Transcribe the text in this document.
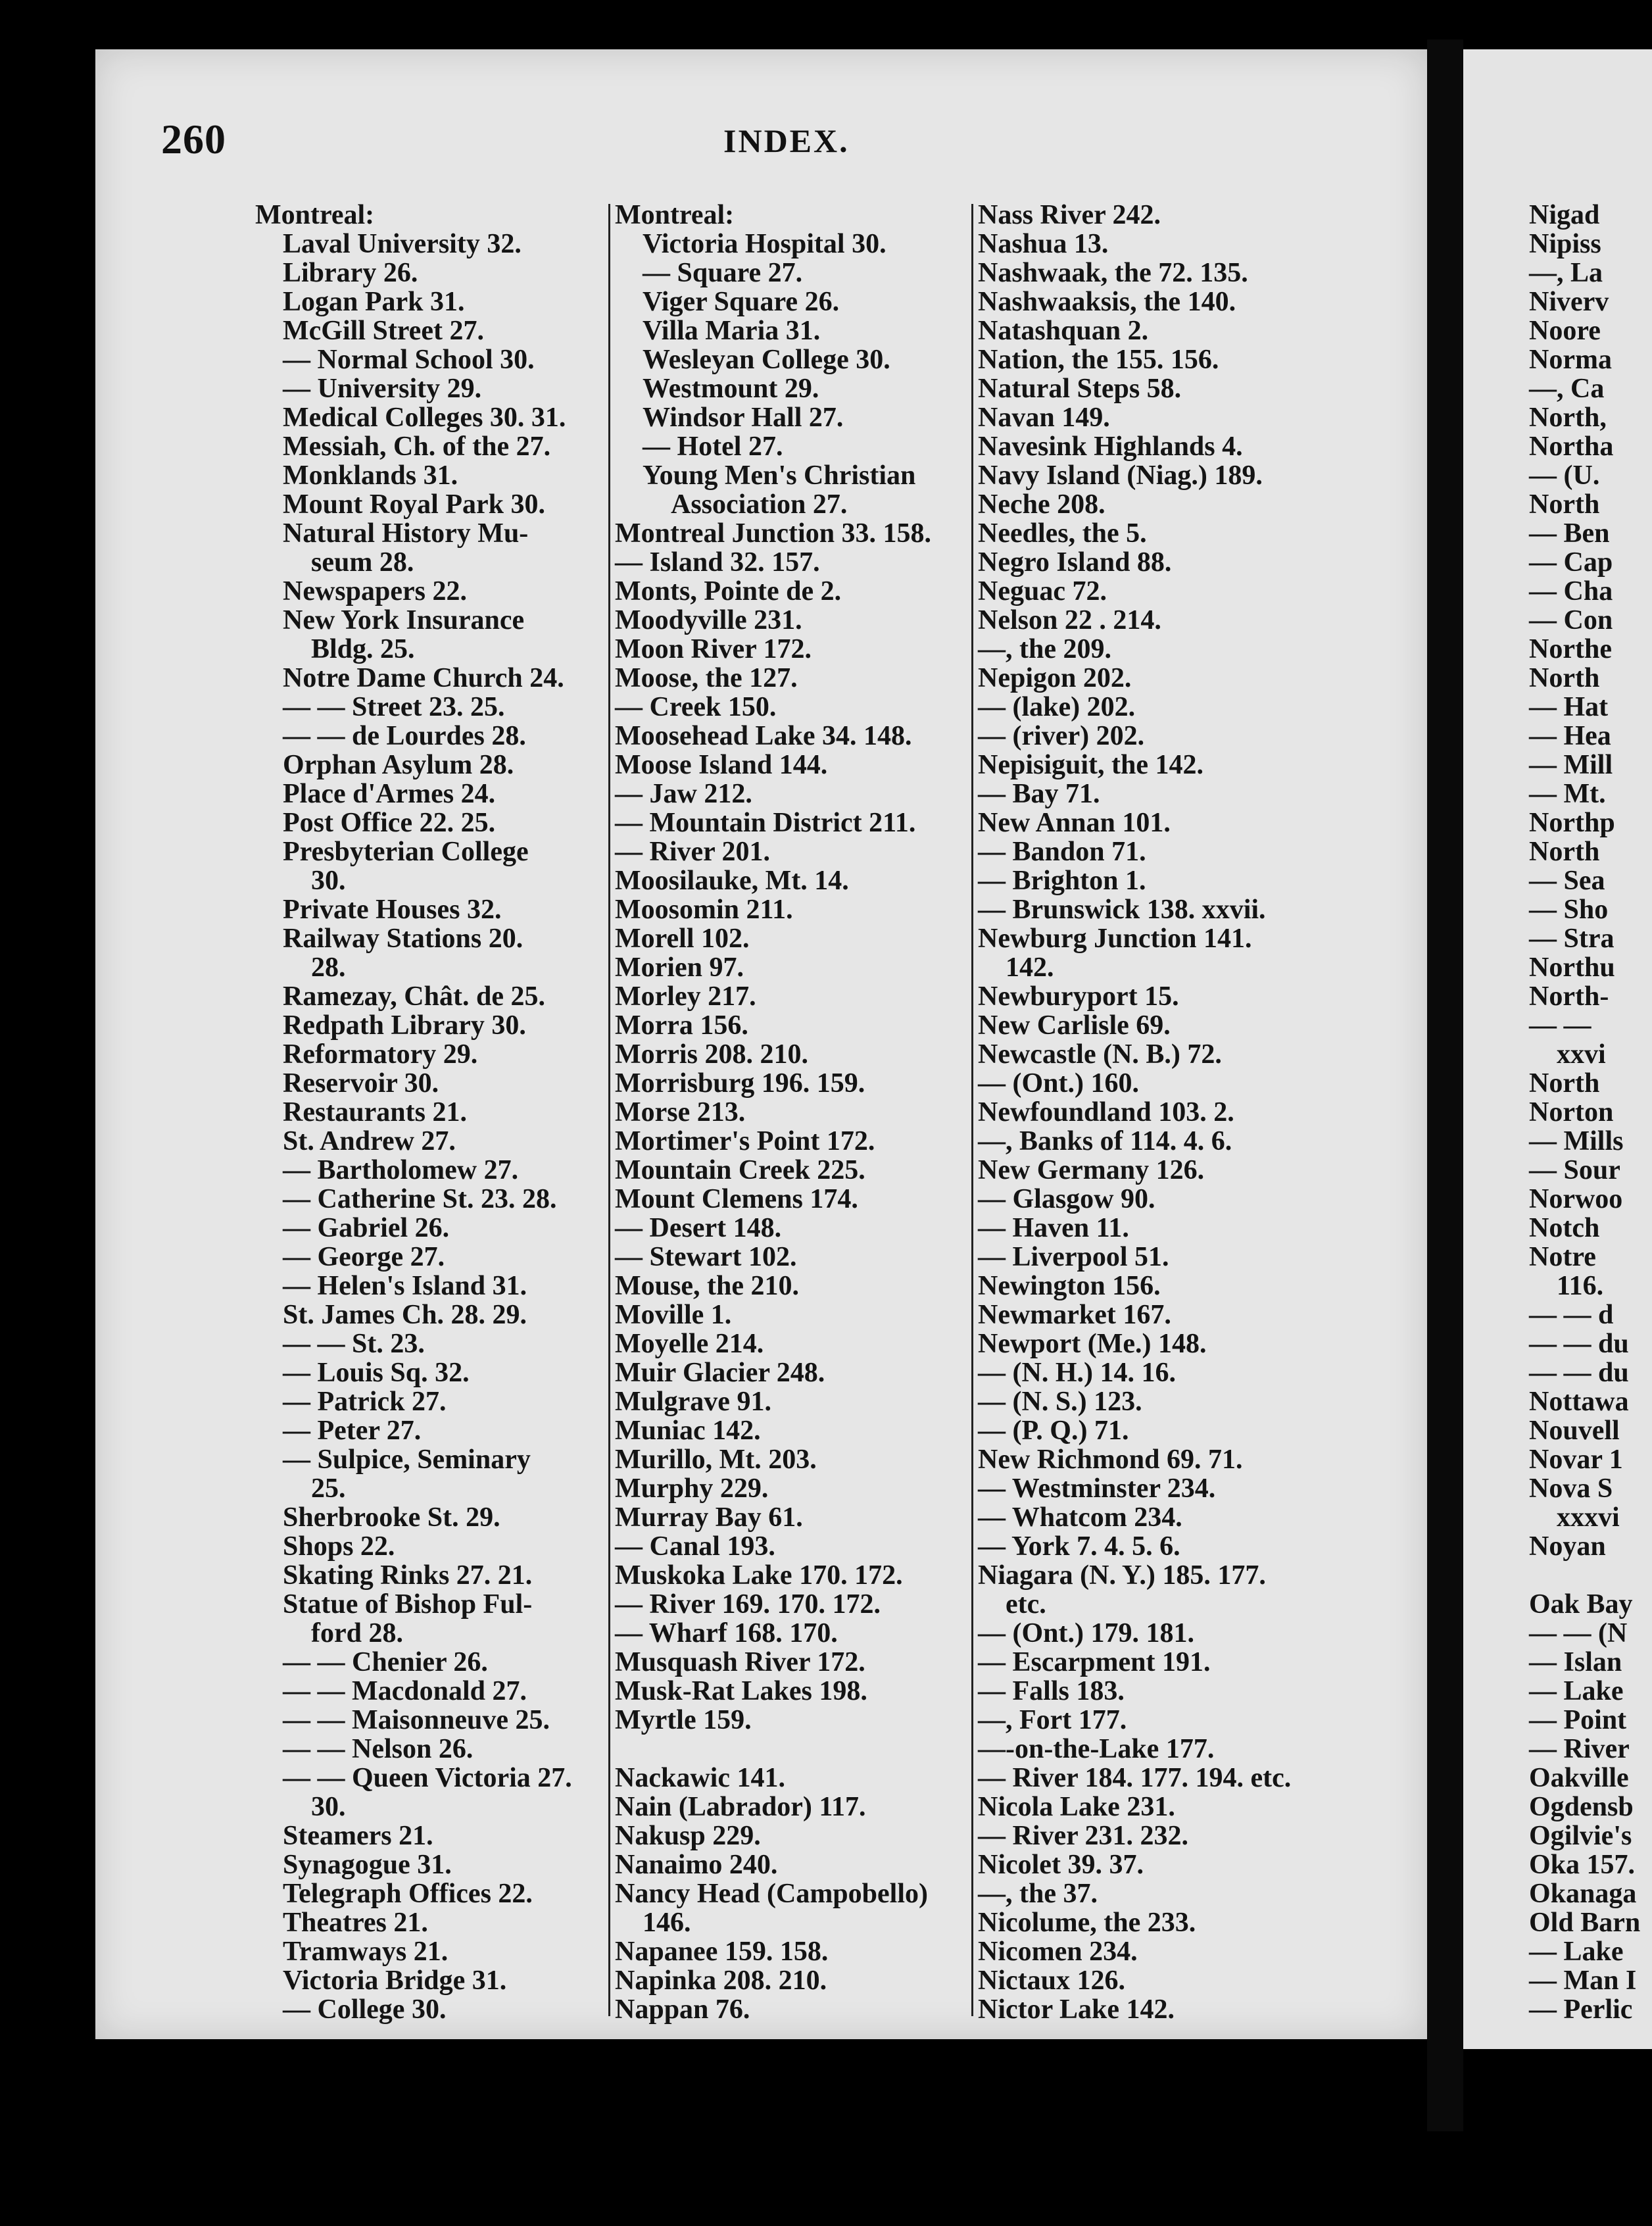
260	INDEX.
Montreal:
Laval University 32.
Library 26.
Logan Park 31.
McGill Street 27.
— Normal School 30.
— University 29.
Medical Colleges 30. 31.
Messiah, Ch. of the 27.
Monklands 31.
Mount Royal Park 30.
Natural History Mu-
seum 28.
Newspapers 22.
New York Insurance
Bldg. 25.
Notre Dame Church 24.
— — Street 23. 25.
— — de Lourdes 28.
Orphan Asylum 28.
Place d'Armes 24.
Post Office 22. 25.
Presbyterian College
30.
Private Houses 32.
Railway Stations 20.
28.
Ramezay, Chât. de 25.
Redpath Library 30.
Reformatory 29.
Reservoir 30.
Restaurants 21.
St. Andrew 27.
— Bartholomew 27.
— Catherine St. 23. 28.
— Gabriel 26.
— George 27.
— Helen's Island 31.
St. James Ch. 28. 29.
— — St. 23.
— Louis Sq. 32.
— Patrick 27.
— Peter 27.
— Sulpice, Seminary
25.
Sherbrooke St. 29.
Shops 22.
Skating Rinks 27. 21.
Statue of Bishop Ful-
ford 28.
— — Chenier 26.
— — Macdonald 27.
— — Maisonneuve 25.
— — Nelson 26.
— — Queen Victoria 27.
30.
Steamers 21.
Synagogue 31.
Telegraph Offices 22.
Theatres 21.
Tramways 21.
Victoria Bridge 31.
— College 30.
Montreal:
Victoria Hospital 30.
— Square 27.
Viger Square 26.
Villa Maria 31.
Wesleyan College 30.
Westmount 29.
Windsor Hall 27.
— Hotel 27.
Young Men's Christian
Association 27.
Montreal Junction 33. 158.
— Island 32. 157.
Monts, Pointe de 2.
Moodyville 231.
Moon River 172.
Moose, the 127.
— Creek 150.
Moosehead Lake 34. 148.
Moose Island 144.
— Jaw 212.
— Mountain District 211.
— River 201.
Moosilauke, Mt. 14.
Moosomin 211.
Morell 102.
Morien 97.
Morley 217.
Morra 156.
Morris 208. 210.
Morrisburg 196. 159.
Morse 213.
Mortimer's Point 172.
Mountain Creek 225.
Mount Clemens 174.
— Desert 148.
— Stewart 102.
Mouse, the 210.
Moville 1.
Moyelle 214.
Muir Glacier 248.
Mulgrave 91.
Muniac 142.
Murillo, Mt. 203.
Murphy 229.
Murray Bay 61.
— Canal 193.
Muskoka Lake 170. 172.
— River 169. 170. 172.
— Wharf 168. 170.
Musquash River 172.
Musk-Rat Lakes 198.
Myrtle 159.
Nackawic 141.
Nain (Labrador) 117.
Nakusp 229.
Nanaimo 240.
Nancy Head (Campobello)
146.
Napanee 159. 158.
Napinka 208. 210.
Nappan 76.
Nass River 242.
Nashua 13.
Nashwaak, the 72. 135.
Nashwaaksis, the 140.
Natashquan 2.
Nation, the 155. 156.
Natural Steps 58.
Navan 149.
Navesink Highlands 4.
Navy Island (Niag.) 189.
Neche 208.
Needles, the 5.
Negro Island 88.
Neguac 72.
Nelson 22 . 214.
—, the 209.
Nepigon 202.
— (lake) 202.
— (river) 202.
Nepisiguit, the 142.
— Bay 71.
New Annan 101.
— Bandon 71.
— Brighton 1.
— Brunswick 138. xxvii.
Newburg Junction 141.
142.
Newburyport 15.
New Carlisle 69.
Newcastle (N. B.) 72.
— (Ont.) 160.
Newfoundland 103. 2.
—, Banks of 114. 4. 6.
New Germany 126.
— Glasgow 90.
— Haven 11.
— Liverpool 51.
Newington 156.
Newmarket 167.
Newport (Me.) 148.
— (N. H.) 14. 16.
— (N. S.) 123.
— (P. Q.) 71.
New Richmond 69. 71.
— Westminster 234.
— Whatcom 234.
— York 7. 4. 5. 6.
Niagara (N. Y.) 185. 177.
etc.
— (Ont.) 179. 181.
— Escarpment 191.
— Falls 183.
—, Fort 177.
—-on-the-Lake 177.
— River 184. 177. 194. etc.
Nicola Lake 231.
— River 231. 232.
Nicolet 39. 37.
—, the 37.
Nicolume, the 233.
Nicomen 234.
Nictaux 126.
Nictor Lake 142.
Nigad
Nipiss
—, La
Niverv
Noore
Norma
—, Ca
North,
Northa
— (U.
North
— Ben
— Cap
— Cha
— Con
Northe
North
— Hat
— Hea
— Mill
— Mt.
Northp
North
— Sea
— Sho
— Stra
Northu
North-
— —
xxvi
North
Norton
— Mills
— Sour
Norwoo
Notch
Notre
116.
— — d
— — du
— — du
Nottawa
Nouvell
Novar 1
Nova S
xxxvi
Noyan
Oak Bay
— — (N
— Islan
— Lake
— Point
— River
Oakville
Ogdensb
Ogilvie's
Oka 157.
Okanaga
Old Barn
— Lake
— Man I
— Perlic
